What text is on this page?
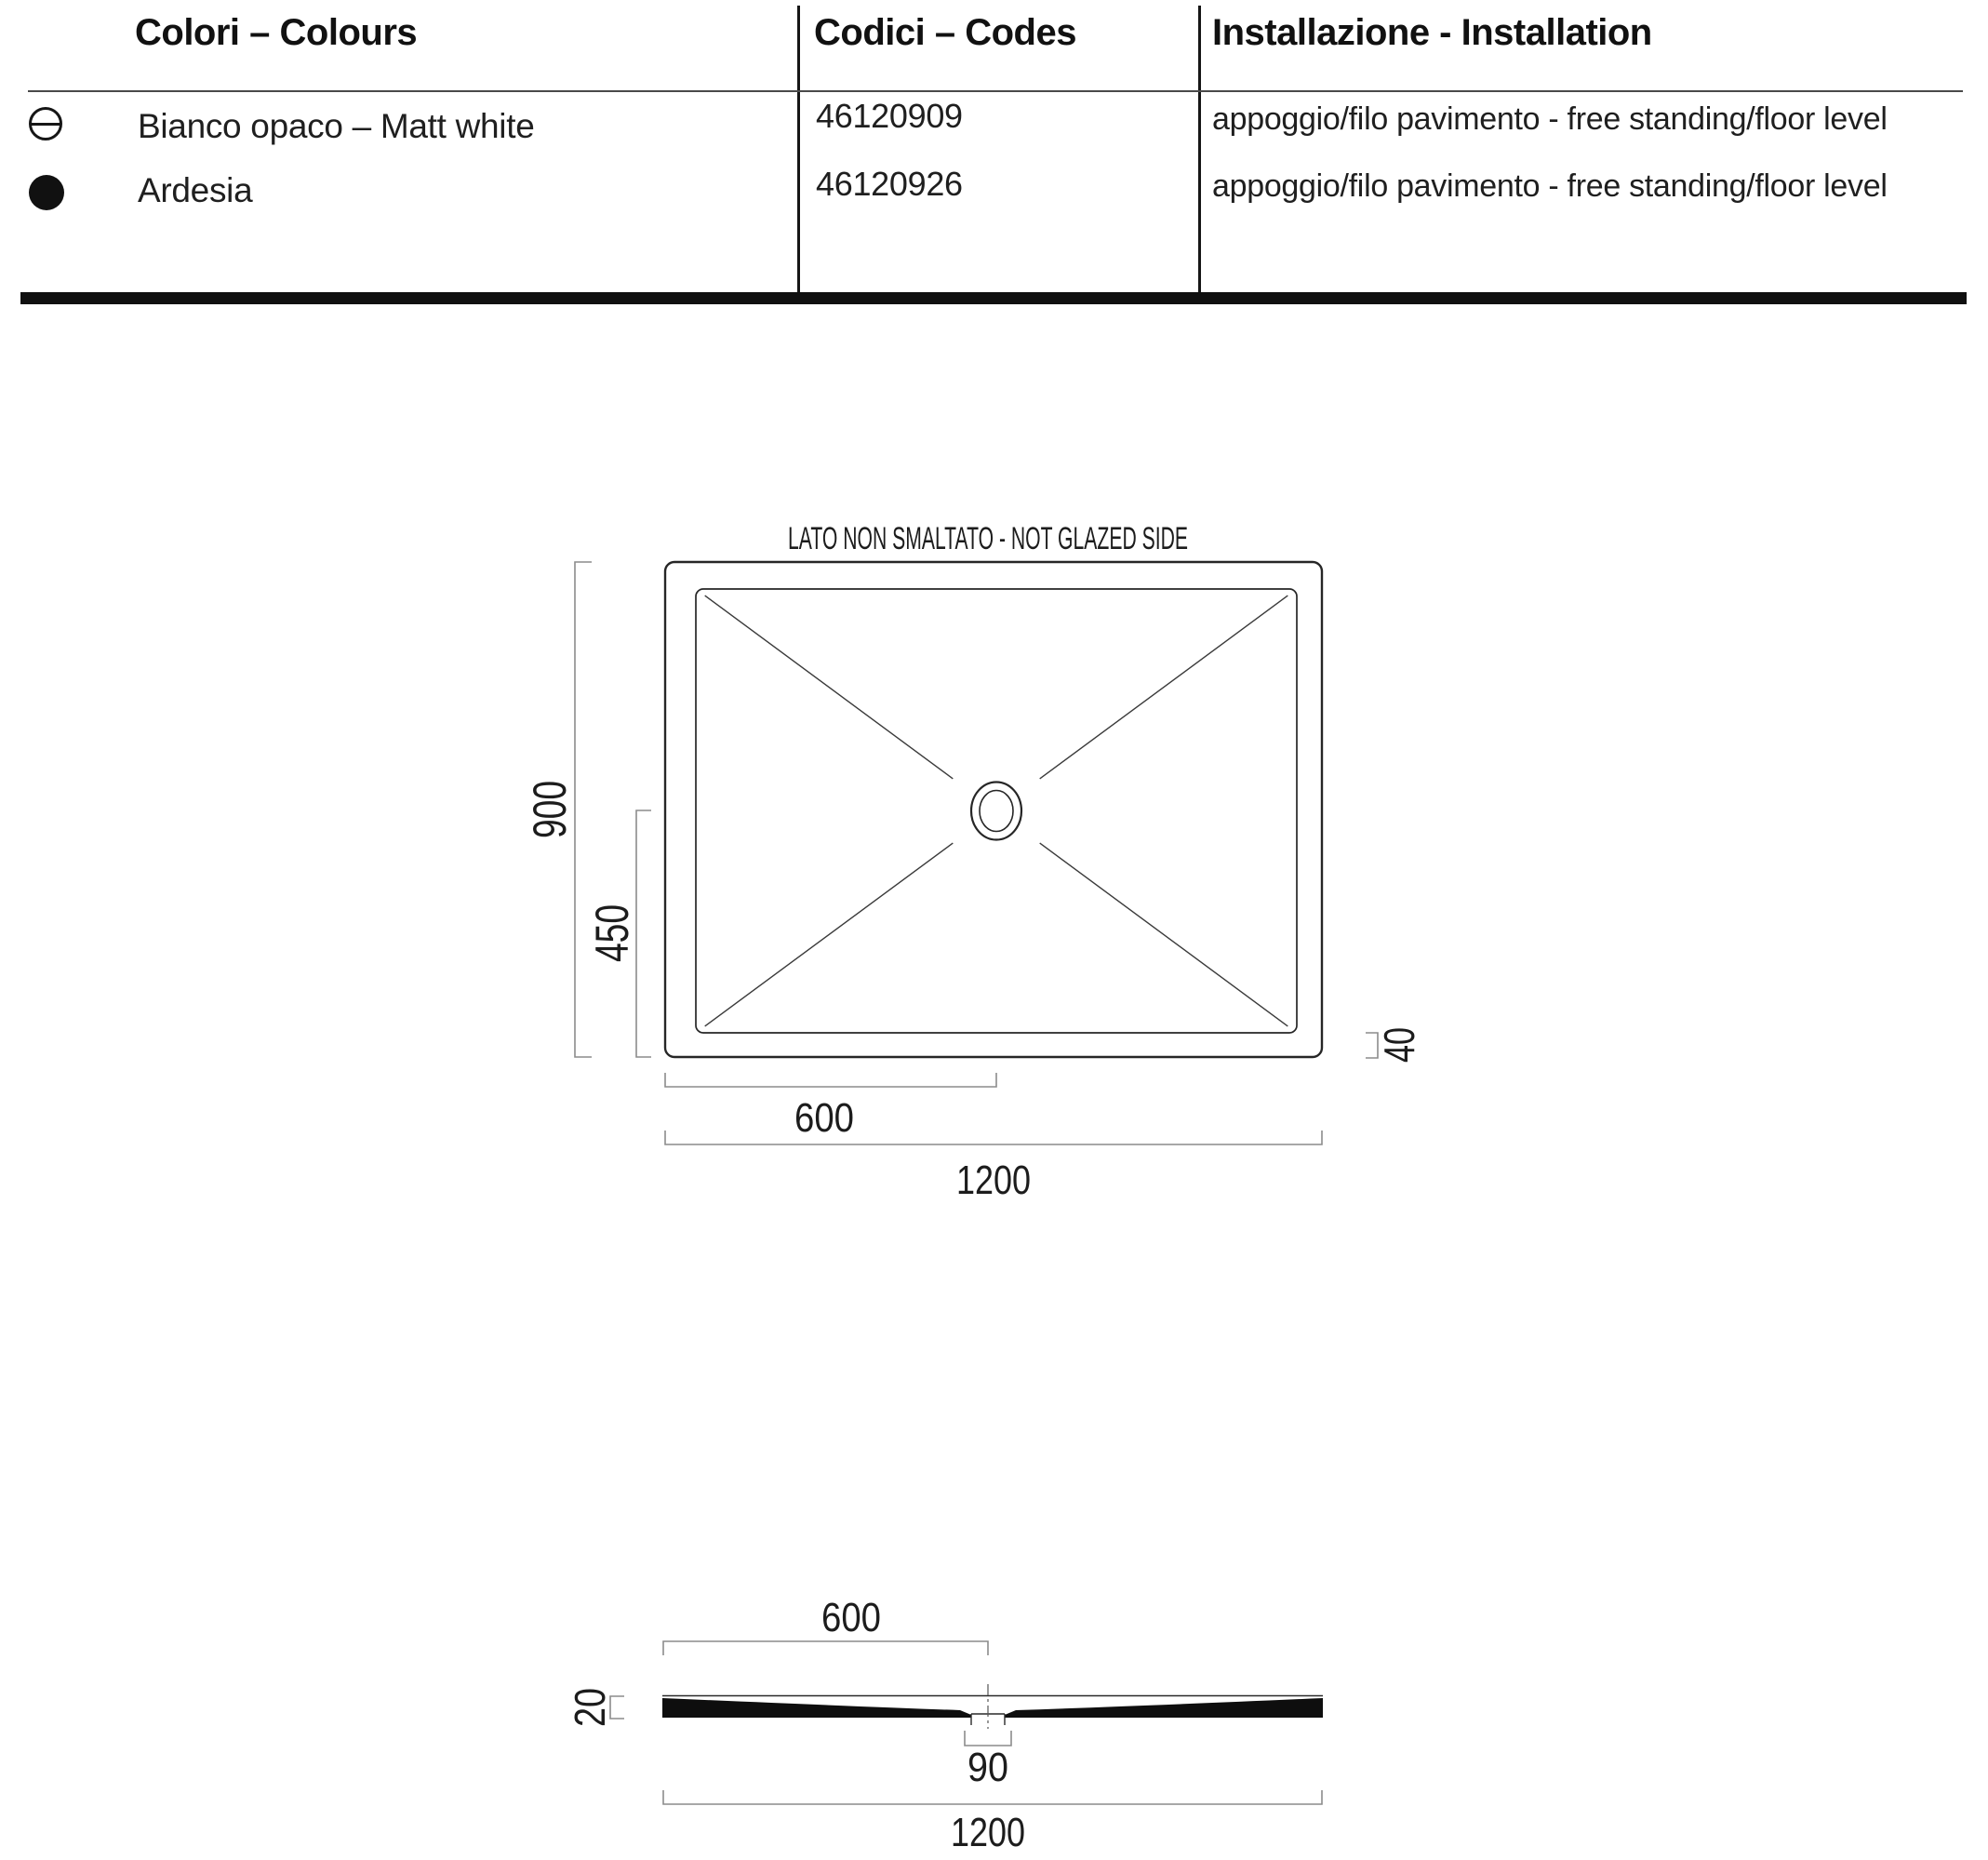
Colori – Colours	Codici – Codes	Installazione - Installation
Bianco opaco – Matt white	46120909	appoggio/filo pavimento - free standing/floor level
Ardesia	46120926	appoggio/filo pavimento - free standing/floor level
LATO NON SMALTATO - NOT GLAZED SIDE
900
450
40
600
1200
600
20
90
1200
